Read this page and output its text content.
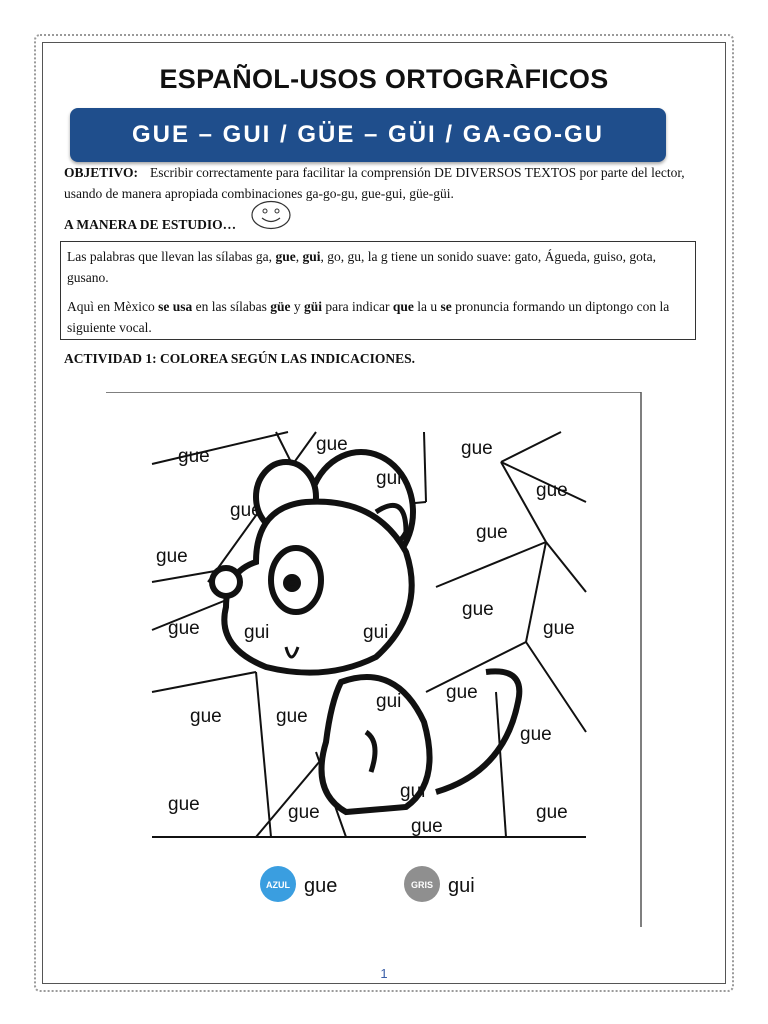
ESPAÑOL-USOS ORTOGRÀFICOS
GUE – GUI / GÜE – GÜI / GA-GO-GU
OBJETIVO: Escribir correctamente para facilitar la comprensión DE DIVERSOS TEXTOS por parte del lector, usando de manera apropiada combinaciones ga-go-gu, gue-gui, güe-güi.
A MANERA DE ESTUDIO…

Las palabras que llevan las sílabas ga, gue, gui, go, gu, la g tiene un sonido suave: gato, Águeda, guiso, gota, gusano.

Aquì en Mèxico se usa en las sílabas güe y güi para indicar que la u se pronuncia formando un diptongo con la siguiente vocal.

ACTIVIDAD 1: COLOREA SEGÚN LAS INDICACIONES.
gue
gue	gue
gui
gue
gue
gue
gue
gue
gue
gue gui	gui
gue
gue	gue
gui
gue
gue	gue
gui
gue
gue
AZUL gue	GRIS gui
1
